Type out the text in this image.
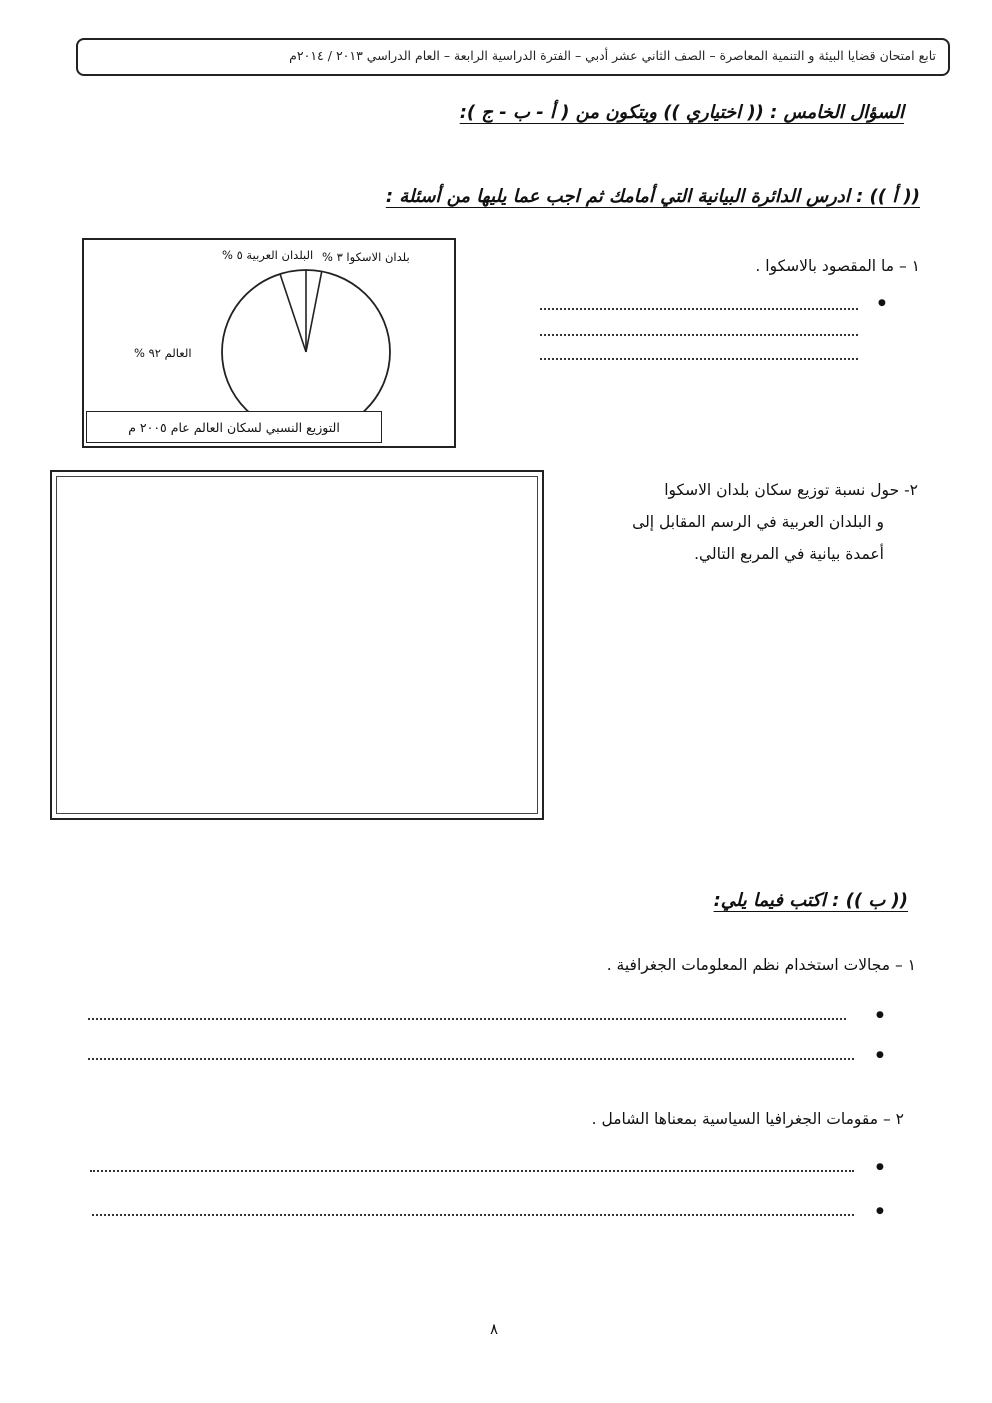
تابع امتحان قضايا البيئة و التنمية المعاصرة – الصف الثاني عشر أدبي – الفترة الدراسية الرابعة – العام الدراسي ٢٠١٣ / ٢٠١٤م
السؤال الخامس : (( اختياري )) ويتكون من ( أ - ب - ج ):
(( أ )) : ادرس الدائرة البيانية التي أمامك ثم اجب عما يليها من أسئلة :
البلدان العربية ٥ % بلدان الاسكوا ٣ %
العالم ٩٢ %
التوزيع النسبي لسكان العالم عام ٢٠٠٥ م
١ – ما المقصود بالاسكوا .
●
٢- حول نسبة توزيع سكان بلدان الاسكوا
و البلدان العربية في الرسم المقابل إلى
أعمدة بيانية في المربع التالي.
(( ب )) : اكتب فيما يلي:
١ – مجالات استخدام نظم المعلومات الجغرافية .
●
●
٢ – مقومات الجغرافيا السياسية بمعناها الشامل .
●
●
٨
